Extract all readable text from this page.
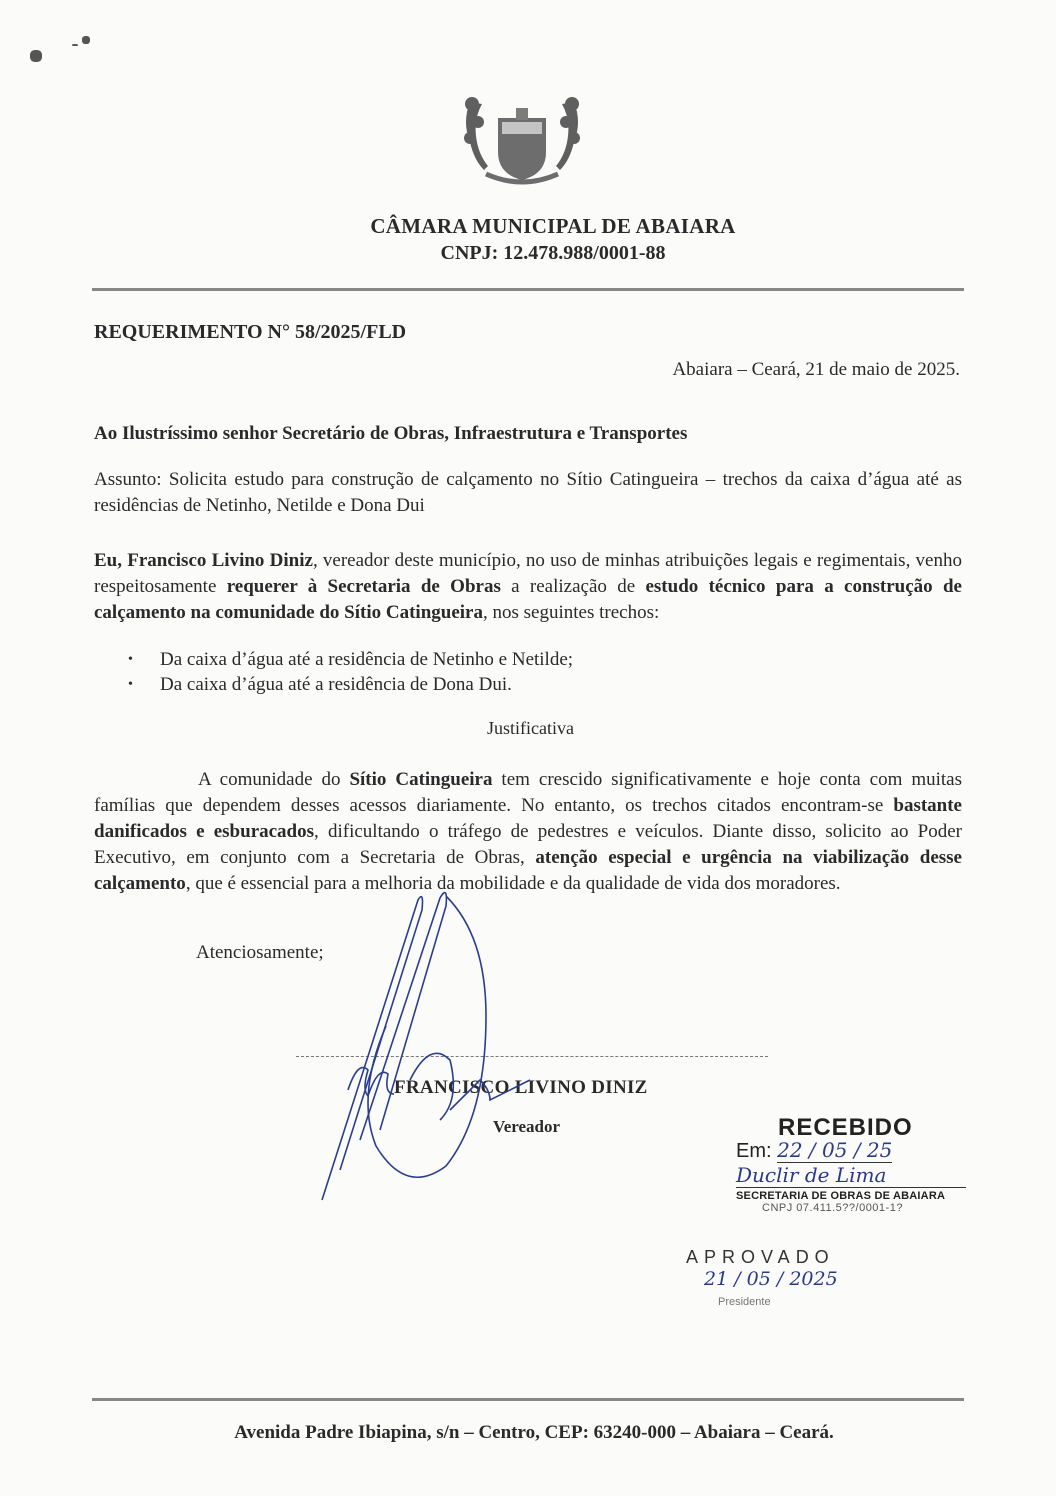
CÂMARA MUNICIPAL DE ABAIARA
CNPJ: 12.478.988/0001-88
REQUERIMENTO N° 58/2025/FLD
Abaiara – Ceará, 21 de maio de 2025.
Ao Ilustríssimo senhor Secretário de Obras, Infraestrutura e Transportes
Assunto: Solicita estudo para construção de calçamento no Sítio Catingueira – trechos da caixa d’água até as residências de Netinho, Netilde e Dona Dui
Eu, Francisco Livino Diniz, vereador deste município, no uso de minhas atribuições legais e regimentais, venho respeitosamente requerer à Secretaria de Obras a realização de estudo técnico para a construção de calçamento na comunidade do Sítio Catingueira, nos seguintes trechos:
• Da caixa d’água até a residência de Netinho e Netilde;
• Da caixa d’água até a residência de Dona Dui.
Justificativa
A comunidade do Sítio Catingueira tem crescido significativamente e hoje conta com muitas famílias que dependem desses acessos diariamente. No entanto, os trechos citados encontram-se bastante danificados e esburacados, dificultando o tráfego de pedestres e veículos. Diante disso, solicito ao Poder Executivo, em conjunto com a Secretaria de Obras, atenção especial e urgência na viabilização desse calçamento, que é essencial para a melhoria da mobilidade e da qualidade de vida dos moradores.
Atenciosamente;
FRANCISCO LIVINO DINIZ
Vereador	RECEBIDO
Em: 22 / 05 / 25
Duclir de Lima
SECRETARIA DE OBRAS DE ABAIARA
CNPJ 07.411.5??/0001-1?
APROVADO
21 / 05 / 2025
Presidente
Avenida Padre Ibiapina, s/n – Centro, CEP: 63240-000 – Abaiara – Ceará.
